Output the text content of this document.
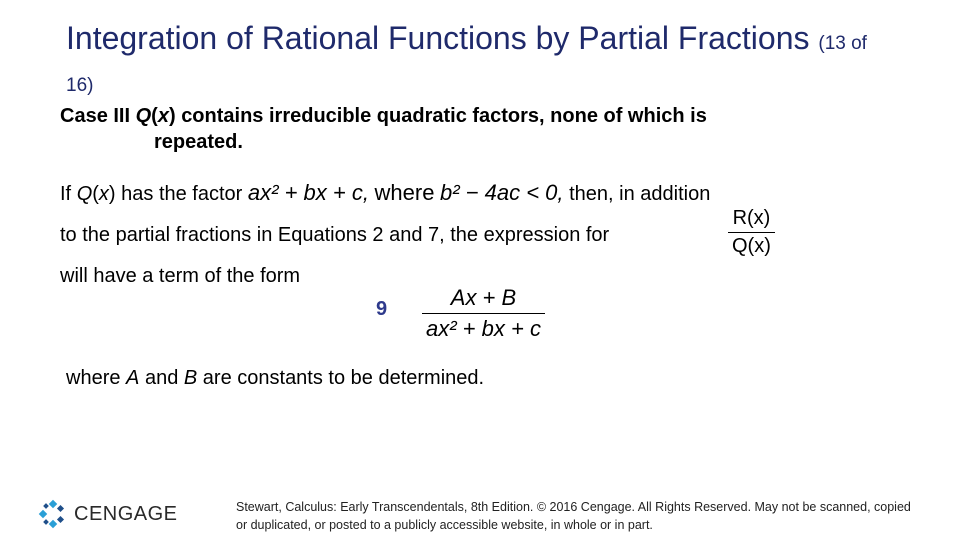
Integration of Rational Functions by Partial Fractions (13 of 16)
Case III Q(x) contains irreducible quadratic factors, none of which is
repeated.
If Q(x) has the factor ax² + bx + c, where b² − 4ac < 0, then, in addition
to the partial fractions in Equations 2 and 7, the expression for	$\frac{R(x)}{Q(x)}$
will have a term of the form
$9 \frac{Ax + B}{\text{ax² + bx + c}}$
where A and B are constants to be determined.
CENGAGE	Stewart, Calculus: Early Transcendentals, 8th Edition. © 2016 Cengage. All Rights Reserved. May not be scanned, copied or duplicated, or posted to a publicly accessible website, in whole or in part.
